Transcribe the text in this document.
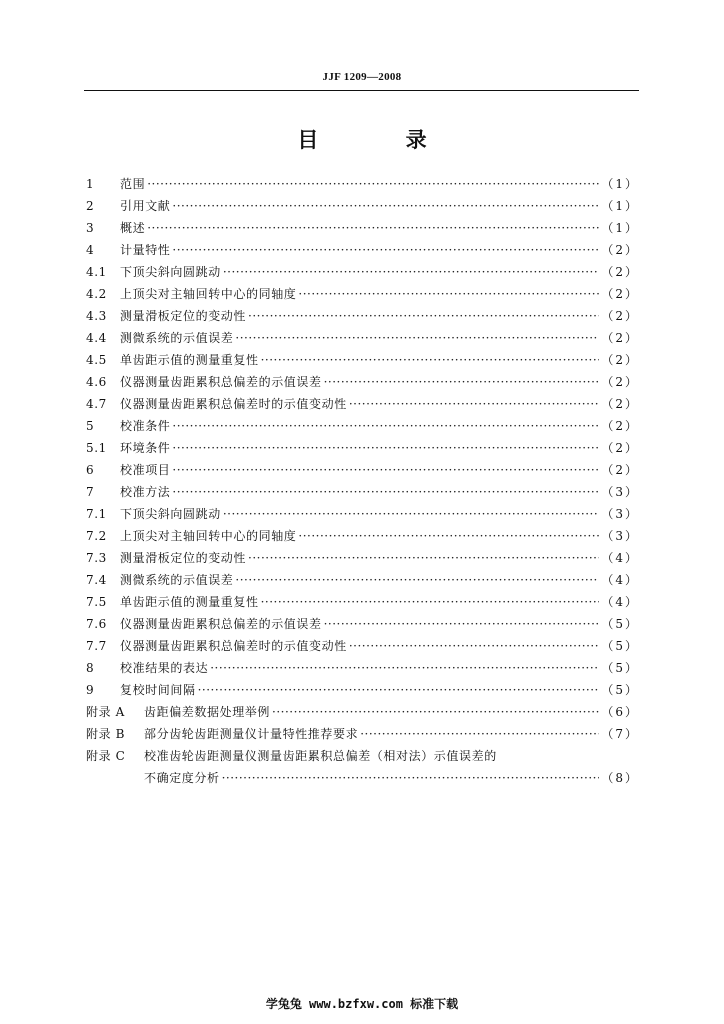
JJF 1209—2008
目 录
1	范围 ·····	（1）
2	引用文献 ·····	（1）
3	概述 ·····	（1）
4	计量特性 ·····	（2）
4.1	下顶尖斜向圆跳动 ·····	（2）
4.2	上顶尖对主轴回转中心的同轴度 ·····	（2）
4.3	测量滑板定位的变动性 ·····	（2）
4.4	测微系统的示值误差 ·····	（2）
4.5	单齿距示值的测量重复性 ·····	（2）
4.6	仪器测量齿距累积总偏差的示值误差 ·····	（2）
4.7	仪器测量齿距累积总偏差时的示值变动性 ·····	（2）
5	校准条件 ·····	（2）
5.1	环境条件 ·····	（2）
6	校准项目 ·····	（2）
7	校准方法 ·····	（3）
7.1	下顶尖斜向圆跳动 ·····	（3）
7.2	上顶尖对主轴回转中心的同轴度 ·····	（3）
7.3	测量滑板定位的变动性 ·····	（4）
7.4	测微系统的示值误差 ·····	（4）
7.5	单齿距示值的测量重复性 ·····	（4）
7.6	仪器测量齿距累积总偏差的示值误差 ·····	（5）
7.7	仪器测量齿距累积总偏差时的示值变动性 ·····	（5）
8	校准结果的表达 ·····	（5）
9	复校时间间隔 ·····	（5）
附录 A	齿距偏差数据处理举例 ·····	（6）
附录 B	部分齿轮齿距测量仪计量特性推荐要求 ·····	（7）
附录 C	校准齿轮齿距测量仪测量齿距累积总偏差（相对法）示值误差的
不确定度分析 ·····	（8）
学兔兔 www.bzfxw.com 标准下载
